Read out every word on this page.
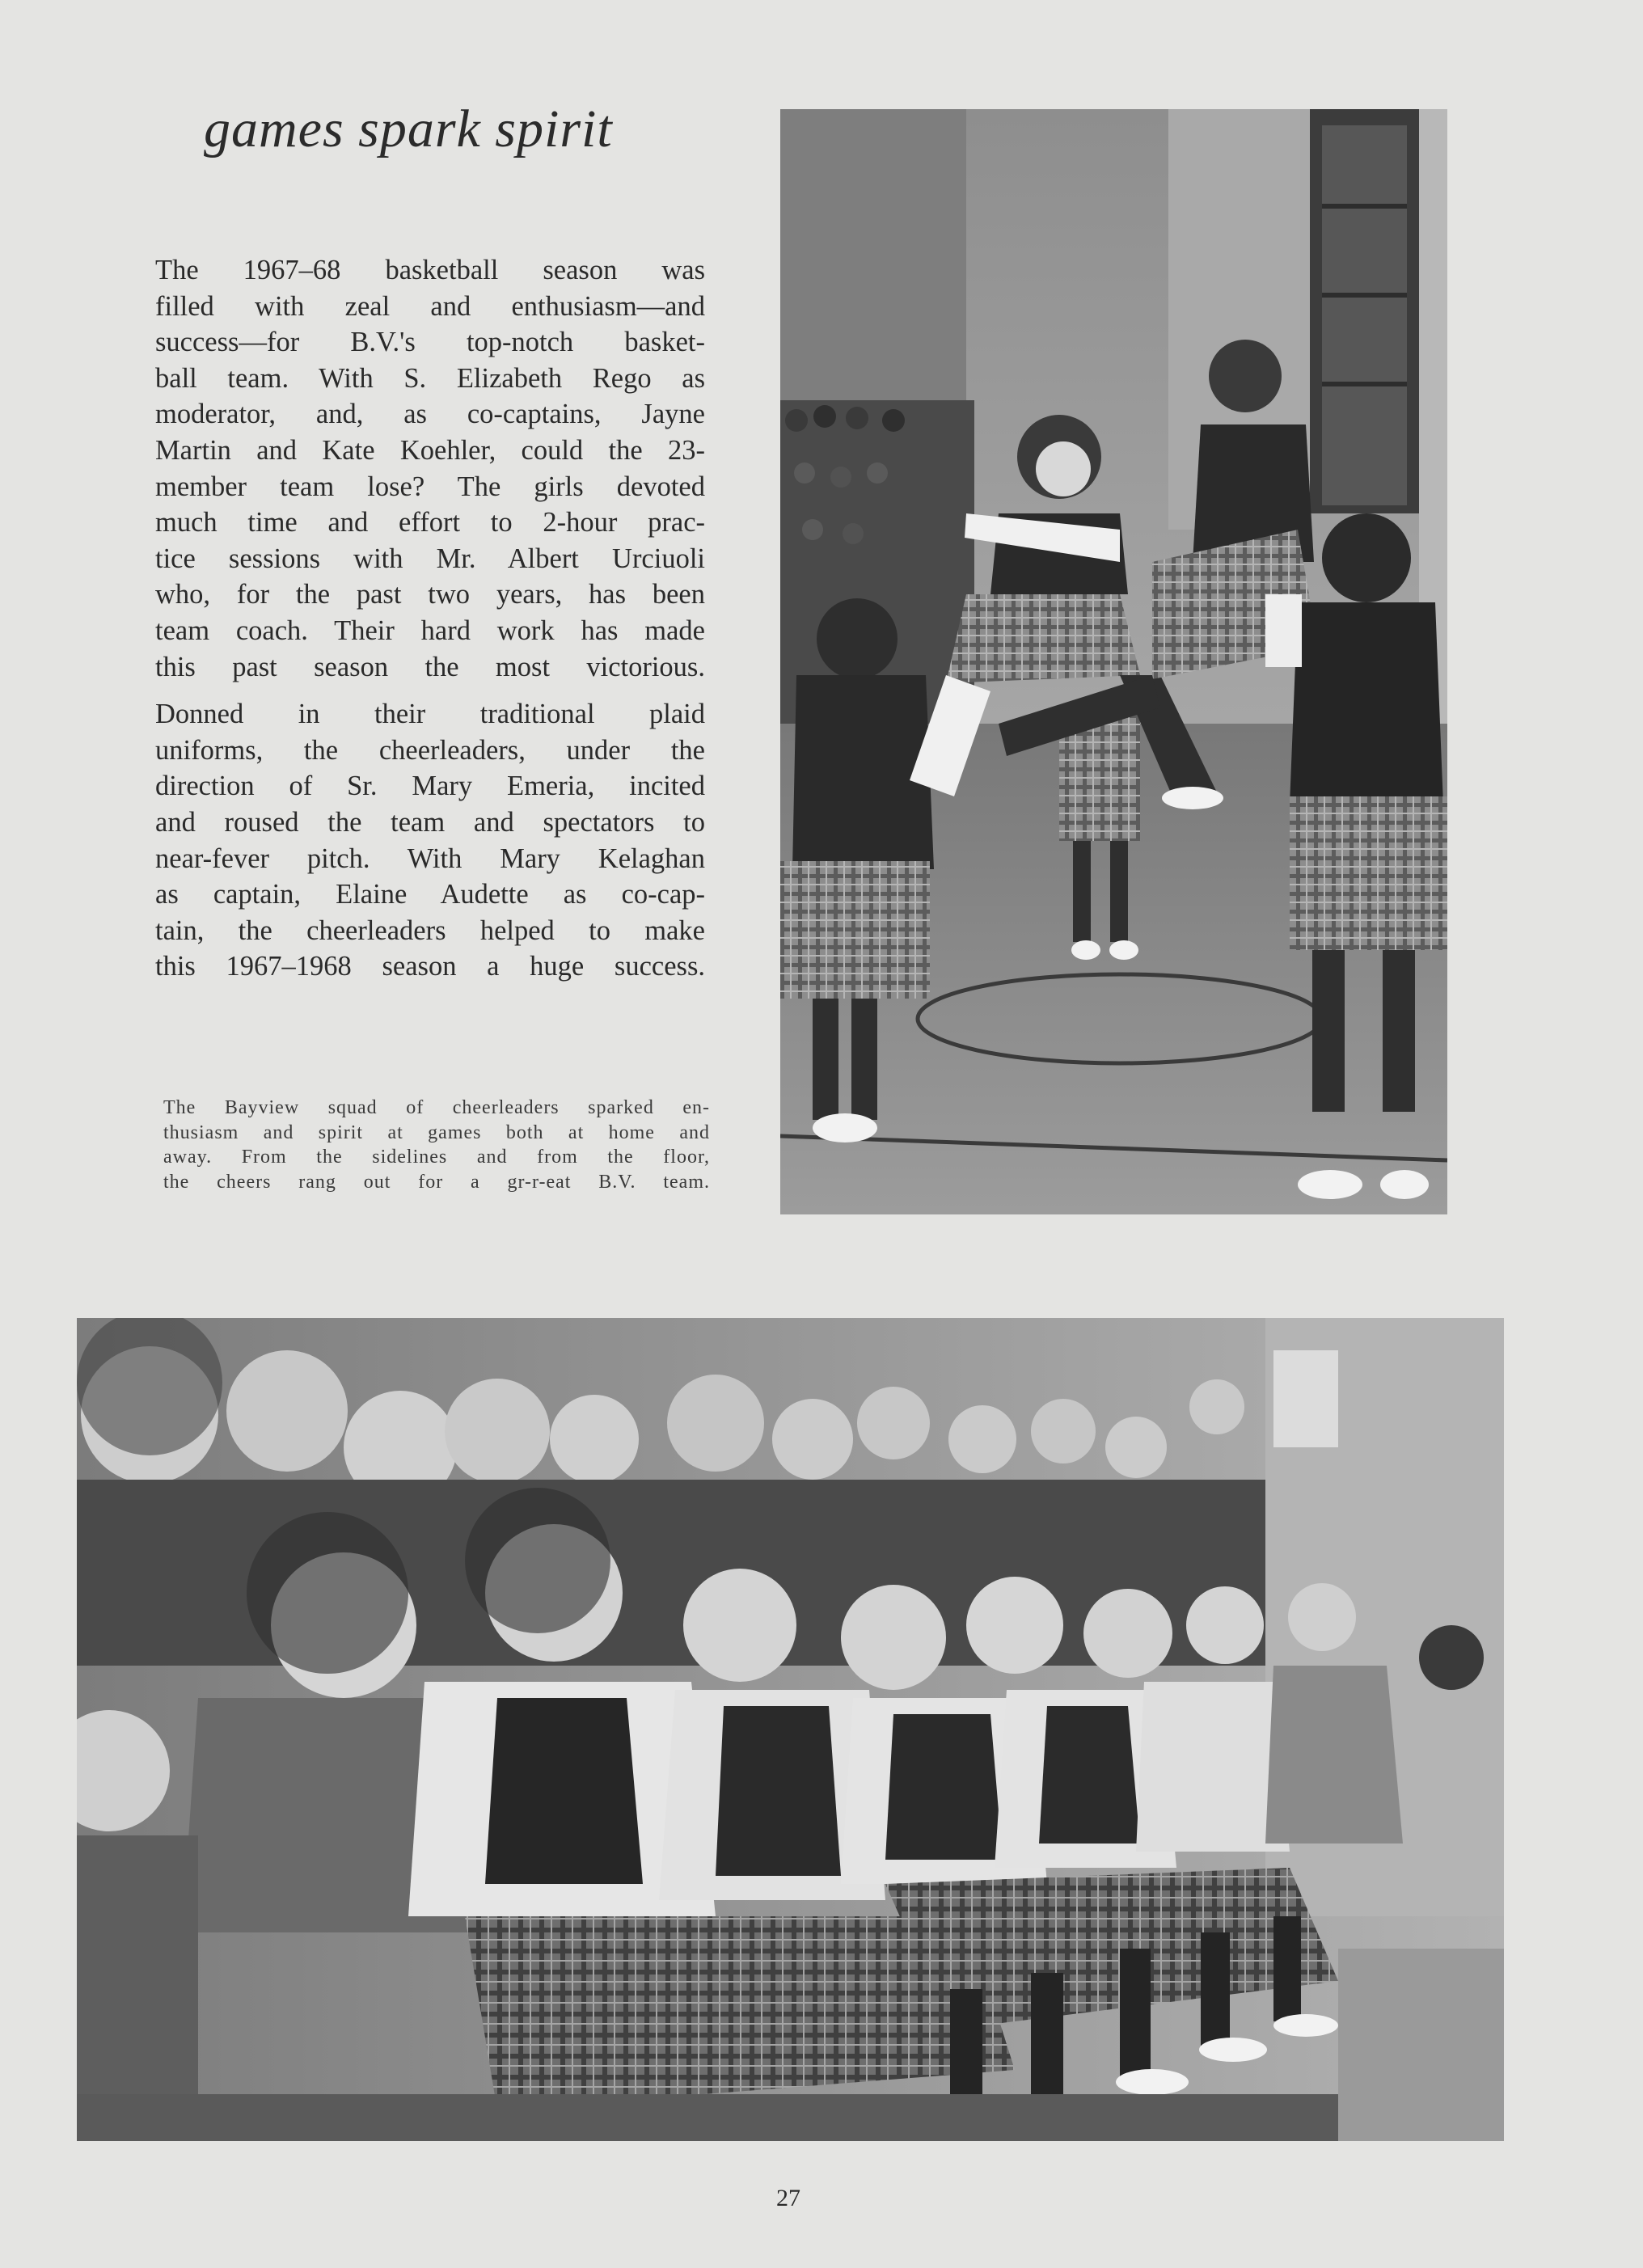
games spark spirit

The 1967–68 basketball season was
filled with zeal and enthusiasm—and
success—for B.V.'s top-notch basket-
ball team. With S. Elizabeth Rego as
moderator, and, as co-captains, Jayne
Martin and Kate Koehler, could the 23-
member team lose? The girls devoted
much time and effort to 2-hour prac-
tice sessions with Mr. Albert Urciuoli
who, for the past two years, has been
team coach. Their hard work has made
this past season the most victorious.

Donned in their traditional plaid
uniforms, the cheerleaders, under the
direction of Sr. Mary Emeria, incited
and roused the team and spectators to
near-fever pitch. With Mary Kelaghan
as captain, Elaine Audette as co-cap-
tain, the cheerleaders helped to make
this 1967–1968 season a huge success.

The Bayview squad of cheerleaders sparked en-
thusiasm and spirit at games both at home and
away. From the sidelines and from the floor,
the cheers rang out for a gr-r-eat B.V. team.
27
